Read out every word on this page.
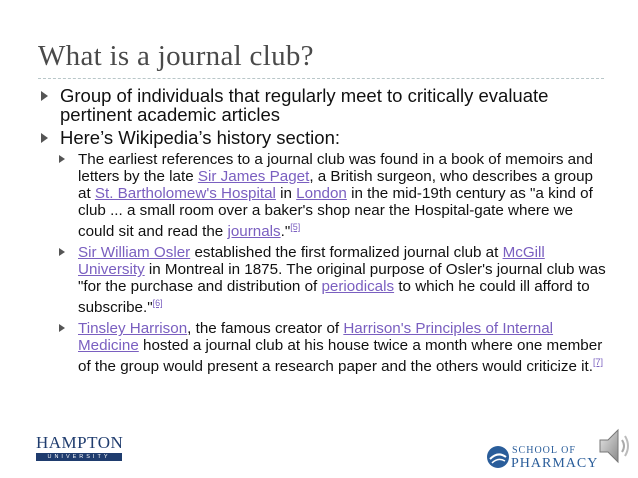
What is a journal club?
Group of individuals that regularly meet to critically evaluate pertinent academic articles
Here’s Wikipedia’s history section:
The earliest references to a journal club was found in a book of memoirs and letters by the late Sir James Paget, a British surgeon, who describes a group at St. Bartholomew's Hospital in London in the mid-19th century as "a kind of club ... a small room over a baker's shop near the Hospital-gate where we could sit and read the journals."[5]
Sir William Osler established the first formalized journal club at McGill University in Montreal in 1875. The original purpose of Osler's journal club was "for the purchase and distribution of periodicals to which he could ill afford to subscribe."[6]
Tinsley Harrison, the famous creator of Harrison's Principles of Internal Medicine hosted a journal club at his house twice a month where one member of the group would present a research paper and the others would criticize it.[7]
HAMPTON
UNIVERSITY
SCHOOL OF
PHARMACY
